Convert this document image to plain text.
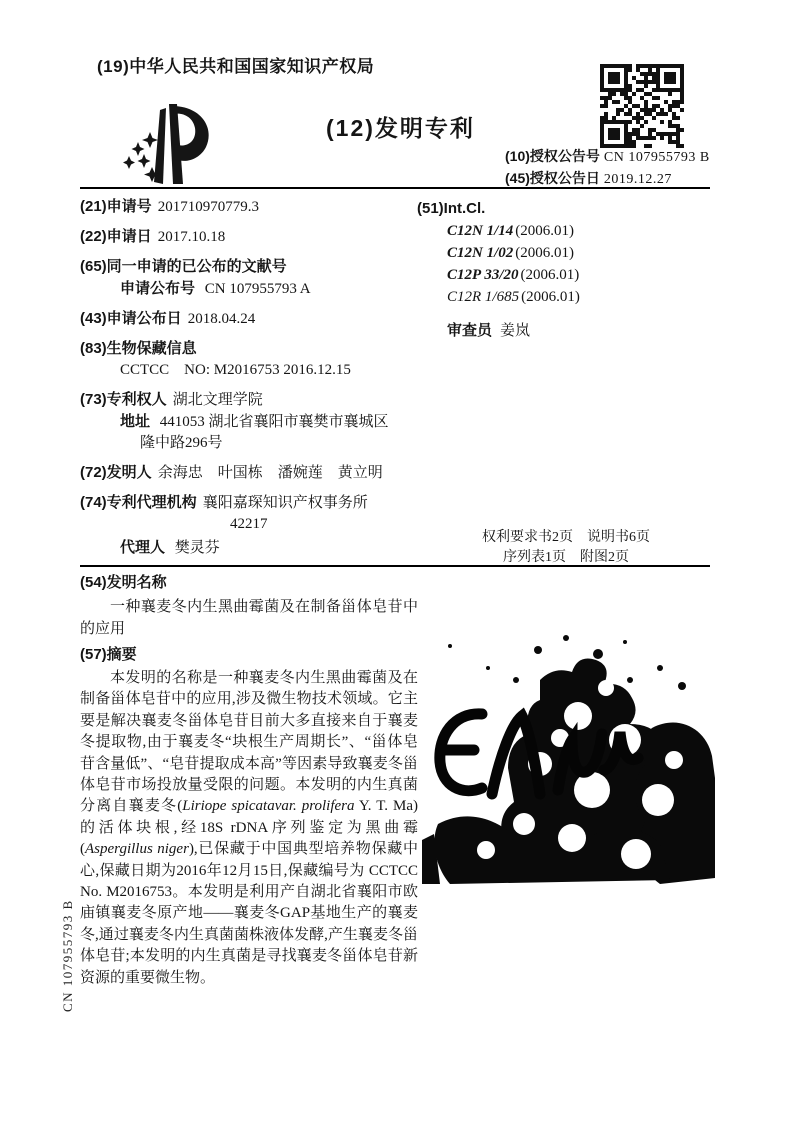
(19)中华人民共和国国家知识产权局
(12)发明专利
(10)授权公告号 CN 107955793 B
(45)授权公告日 2019.12.27
(21)申请号 201710970779.3
(22)申请日 2017.10.18
(65)同一申请的已公布的文献号
申请公布号 CN 107955793 A
(43)申请公布日 2018.04.24
(83)生物保藏信息
CCTCC　NO: M2016753 2016.12.15
(73)专利权人 湖北文理学院
地址 441053 湖北省襄阳市襄樊市襄城区
隆中路296号
(72)发明人 余海忠　叶国栋　潘婉莲　黄立明
(74)专利代理机构 襄阳嘉琛知识产权事务所
42217
代理人 樊灵芬
(51)Int.Cl.
C12N 1/14 (2006.01)
C12N 1/02 (2006.01)
C12P 33/20 (2006.01)
C12R 1/685 (2006.01)
审查员 姜岚
权利要求书2页　说明书6页
序列表1页　附图2页
(54)发明名称
一种襄麦冬内生黑曲霉菌及在制备甾体皂苷中的应用
(57)摘要
本发明的名称是一种襄麦冬内生黑曲霉菌及在制备甾体皂苷中的应用,涉及微生物技术领域。它主要是解决襄麦冬甾体皂苷目前大多直接来自于襄麦冬提取物,由于襄麦冬“块根生产周期长”、“甾体皂苷含量低”、“皂苷提取成本高”等因素导致襄麦冬甾体皂苷市场投放量受限的问题。本发明的内生真菌分离自襄麦冬(Liriope spicatavar. prolifera Y. T. Ma)的活体块根,经18S rDNA序列鉴定为黑曲霉(Aspergillus niger),已保藏于中国典型培养物保藏中心,保藏日期为2016年12月15日,保藏编号为 CCTCC No. M2016753。本发明是利用产自湖北省襄阳市欧庙镇襄麦冬原产地——襄麦冬GAP基地生产的襄麦冬,通过襄麦冬内生真菌菌株液体发酵,产生襄麦冬甾体皂苷;本发明的内生真菌是寻找襄麦冬甾体皂苷新资源的重要微生物。
CN 107955793 B
